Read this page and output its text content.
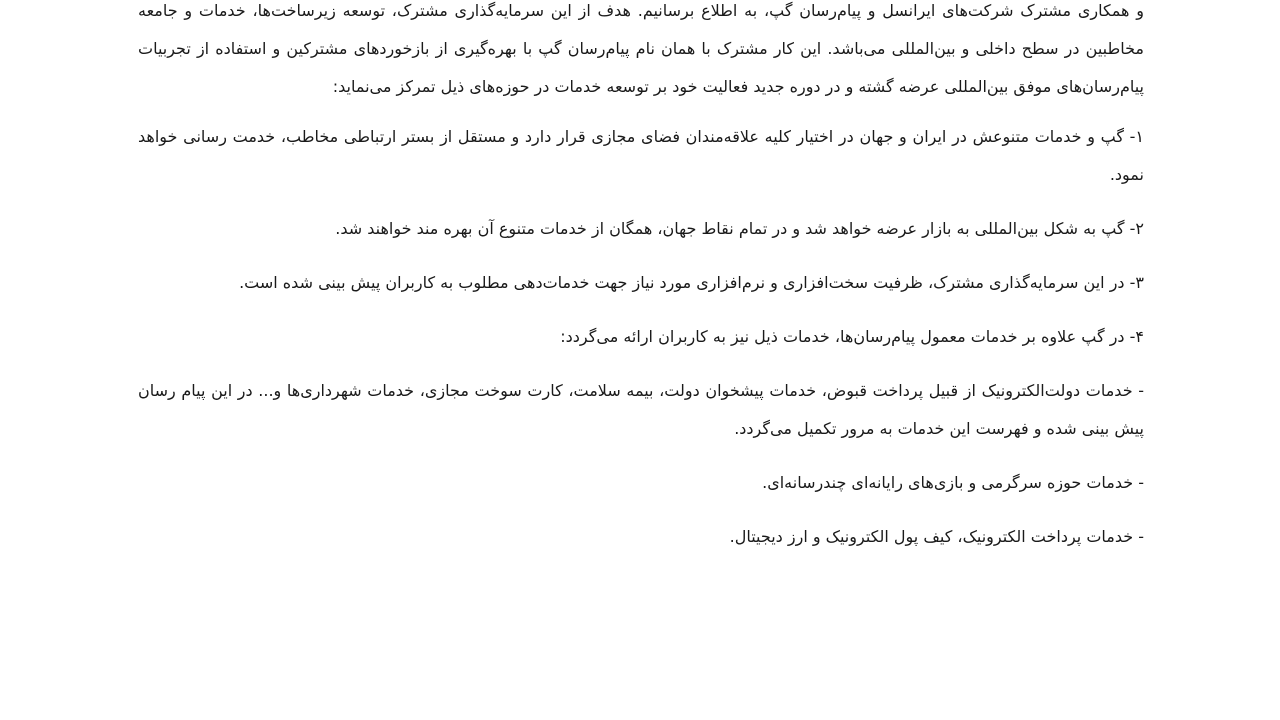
و همکاری مشترک شرکت‌های ایرانسل و پیام‌رسان گپ، به اطلاع برسانیم. هدف از این سرمایه‌گذاری مشترک، توسعه زیرساخت‌ها، خدمات و جامعه مخاطبین در سطح داخلی و بین‌المللی می‌باشد. این کار مشترک با همان نام پیام‌رسان گپ با بهره‌گیری از بازخوردهای مشترکین و استفاده از تجربیات پیام‌رسان‌های موفق بین‌المللی عرضه گشته و در دوره جدید فعالیت خود بر توسعه خدمات در حوزه‌های ذیل تمرکز می‌نماید:

۱- گپ و خدمات متنوعش در ایران و جهان در اختیار کلیه علاقه‌مندان فضای مجازی قرار دارد و مستقل از بستر ارتباطی مخاطب، خدمت رسانی خواهد نمود.

۲- گپ به شکل بین‌المللی به بازار عرضه خواهد شد و در تمام نقاط جهان، همگان از خدمات متنوع آن بهره مند خواهند شد.

۳- در این سرمایه‌گذاری مشترک، ظرفیت سخت‌افزاری و نرم‌افزاری مورد نیاز جهت خدمات‌دهی مطلوب به کاربران پیش بینی شده است.

۴- در گپ علاوه بر خدمات معمول پیام‌رسان‌ها، خدمات ذیل نیز به کاربران ارائه می‌گردد:

- خدمات دولت‌الکترونیک از قبیل پرداخت قبوض، خدمات پیشخوان دولت، بیمه سلامت، کارت سوخت مجازی، خدمات شهرداری‌ها و... در این پیام رسان پیش بینی شده و فهرست این خدمات به مرور تکمیل می‌گردد.

- خدمات حوزه سرگرمی و بازی‌های رایانه‌ای چندرسانه‌ای.

- خدمات پرداخت الکترونیک، کیف پول الکترونیک و ارز دیجیتال.
